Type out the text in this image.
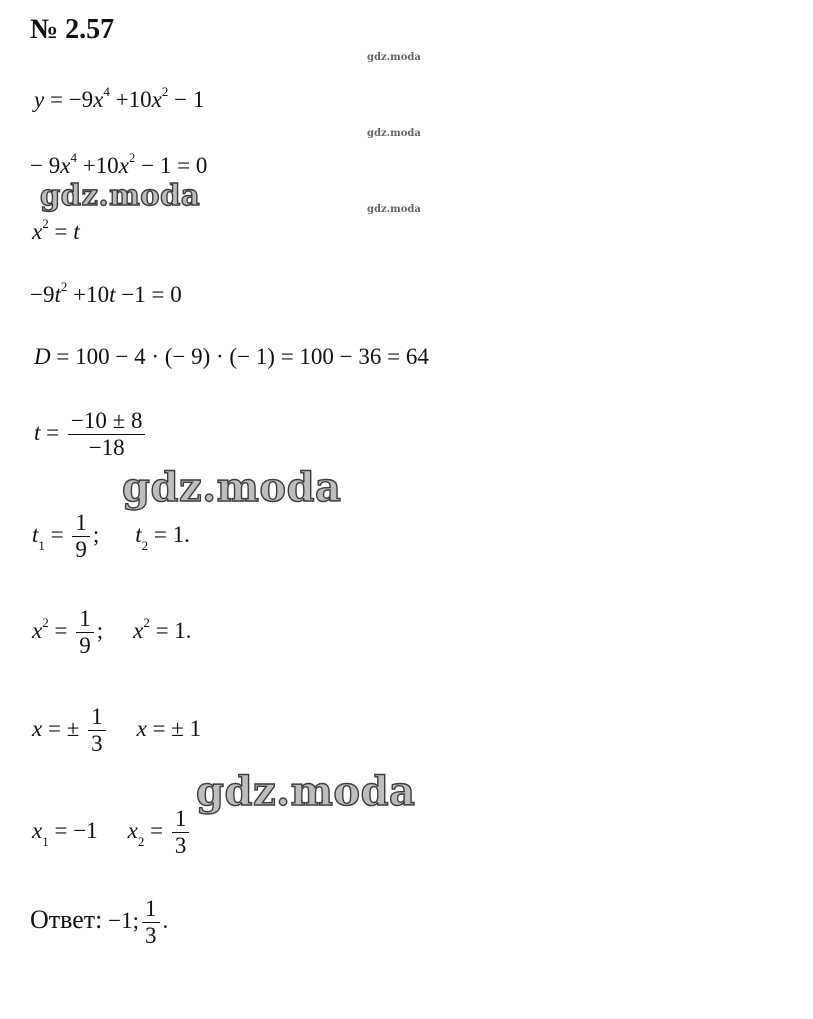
№ 2.57
gdz.moda
gdz.moda
gdz.moda
$y = -9x^4 +10x^2 - 1$
− $9x^4 +10x^2 - 1 = 0$
gdz.moda
$x^2 = t$
$-9t^2 +10t -1 = 0$
D = 100 − 4 · (− 9) · (− 1) = 100 − 36 = 64
$t = \frac{-10 \pm 8}{-18}$
gdz.moda
$t_1 = \frac{1}{9}$ ; $t_2 = 1$.
$x^2 = \frac{1}{9}$ ; $x^2 = 1$.
x = ± $\frac{1}{3}$ x = ± 1
gdz.moda
$x_1 = -1$ $x_2 = \frac{1}{3}$
Ответ: −1; $\frac{1}{3}$ .
